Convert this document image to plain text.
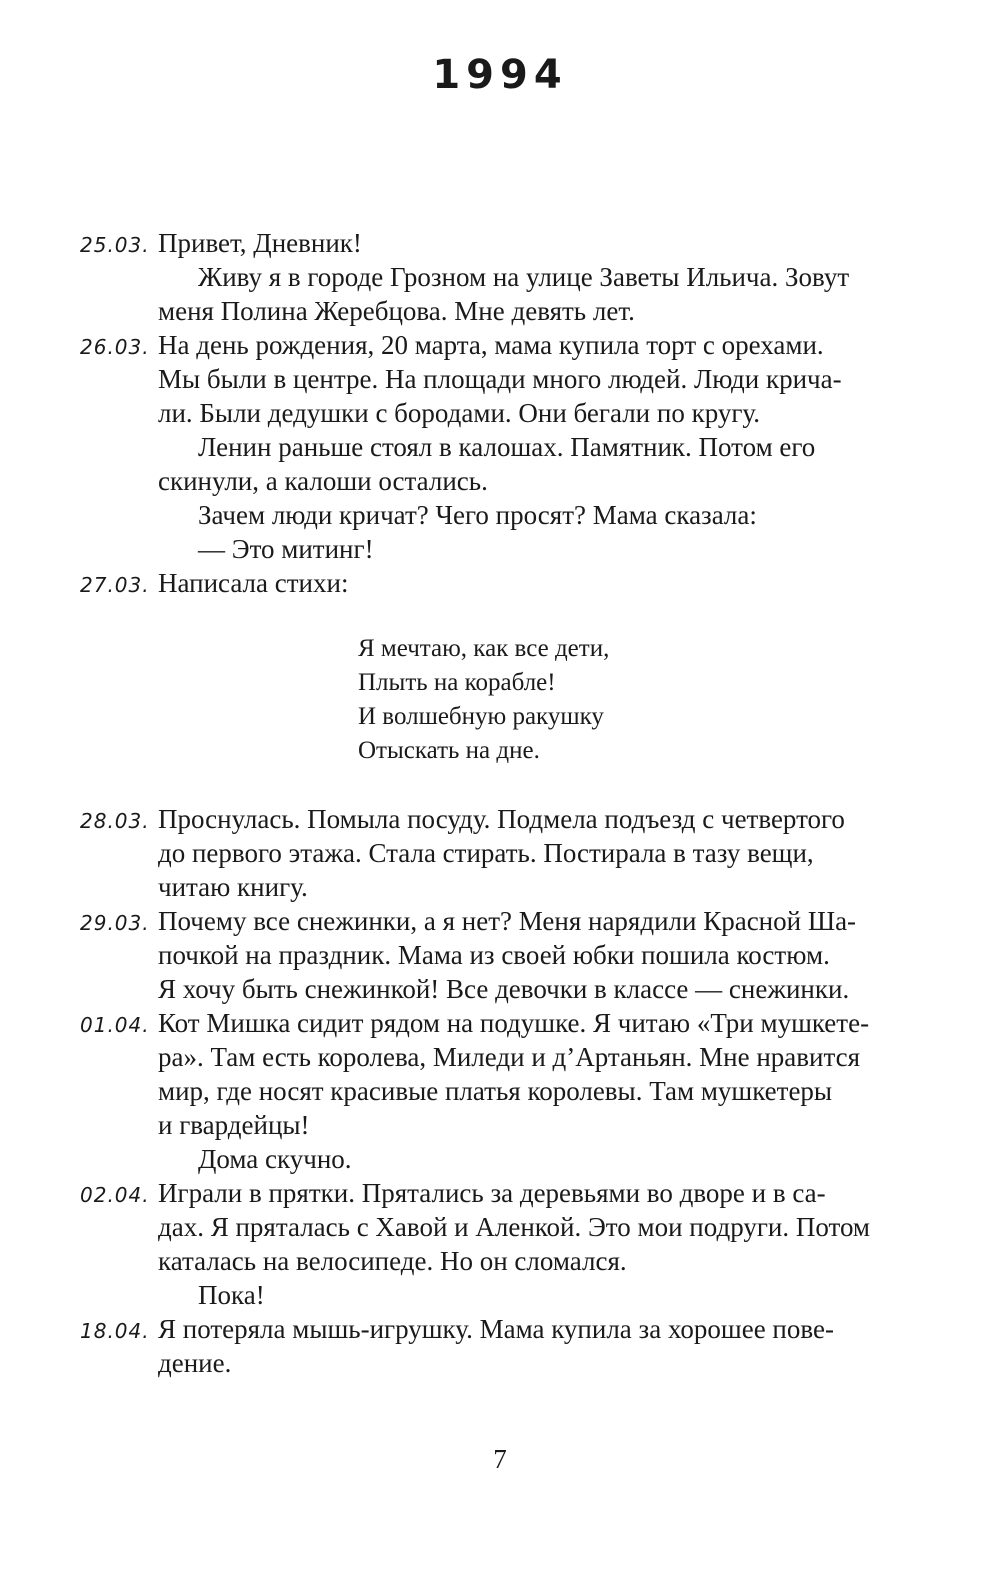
1994
25.03. Привет, Дневник!

Живу я в городе Грозном на улице Заветы Ильича. Зовут
меня Полина Жеребцова. Мне девять лет.

26.03. На день рождения, 20 марта, мама купила торт с орехами.
Мы были в центре. На площади много людей. Люди крича-
ли. Были дедушки с бородами. Они бегали по кругу.

Ленин раньше стоял в калошах. Памятник. Потом его
скинули, а калоши остались.

Зачем люди кричат? Чего просят? Мама сказала:

— Это митинг!

27.03. Написала стихи:

Я мечтаю, как все дети,

Плыть на корабле!

И волшебную ракушку

Отыскать на дне.

28.03. Проснулась. Помыла посуду. Подмела подъезд с четвертого
до первого этажа. Стала стирать. Постирала в тазу вещи,
читаю книгу.

29.03. Почему все снежинки, а я нет? Меня нарядили Красной Ша-
почкой на праздник. Мама из своей юбки пошила костюм.
Я хочу быть снежинкой! Все девочки в классе — снежинки.

01.04. Кот Мишка сидит рядом на подушке. Я читаю «Три мушкете-
ра». Там есть королева, Миледи и д’Артаньян. Мне нравится
мир, где носят красивые платья королевы. Там мушкетеры
и гвардейцы!

Дома скучно.

02.04. Играли в прятки. Прятались за деревьями во дворе и в са-
дах. Я пряталась с Хавой и Аленкой. Это мои подруги. Потом
каталась на велосипеде. Но он сломался.

Пока!

18.04. Я потеряла мышь-игрушку. Мама купила за хорошее пове-
дение.

7
